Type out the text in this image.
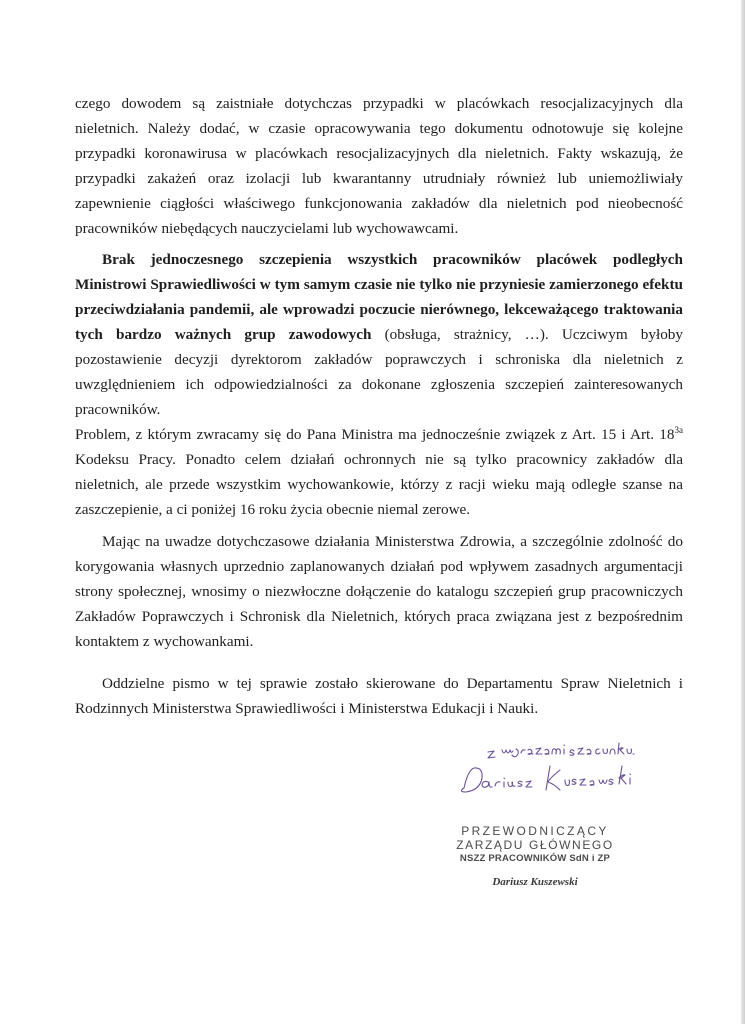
czego dowodem są zaistniałe dotychczas przypadki w placówkach resocjalizacyjnych dla nieletnich. Należy dodać, w czasie opracowywania tego dokumentu odnotowuje się kolejne przypadki koronawirusa w placówkach resocjalizacyjnych dla nieletnich. Fakty wskazują, że przypadki zakażeń oraz izolacji lub kwarantanny utrudniały również lub uniemożliwiały zapewnienie ciągłości właściwego funkcjonowania zakładów dla nieletnich pod nieobecność pracowników niebędących nauczycielami lub wychowawcami.

Brak jednoczesnego szczepienia wszystkich pracowników placówek podległych Ministrowi Sprawiedliwości w tym samym czasie nie tylko nie przyniesie zamierzonego efektu przeciwdziałania pandemii, ale wprowadzi poczucie nierównego, lekceważącego traktowania tych bardzo ważnych grup zawodowych (obsługa, strażnicy, …). Uczciwym byłoby pozostawienie decyzji dyrektorom zakładów poprawczych i schroniska dla nieletnich z uwzględnieniem ich odpowiedzialności za dokonane zgłoszenia szczepień zainteresowanych pracowników.

Problem, z którym zwracamy się do Pana Ministra ma jednocześnie związek z Art. 15 i Art. $18^{3a}$ Kodeksu Pracy. Ponadto celem działań ochronnych nie są tylko pracownicy zakładów dla nieletnich, ale przede wszystkim wychowankowie, którzy z racji wieku mają odległe szanse na zaszczepienie, a ci poniżej 16 roku życia obecnie niemal zerowe.

Mając na uwadze dotychczasowe działania Ministerstwa Zdrowia, a szczególnie zdolność do korygowania własnych uprzednio zaplanowanych działań pod wpływem zasadnych argumentacji strony społecznej, wnosimy o niezwłoczne dołączenie do katalogu szczepień grup pracowniczych Zakładów Poprawczych i Schronisk dla Nieletnich, których praca związana jest z bezpośrednim kontaktem z wychowankami.

Oddzielne pismo w tej sprawie zostało skierowane do Departamentu Spraw Nieletnich i Rodzinnych Ministerstwa Sprawiedliwości i Ministerstwa Edukacji i Nauki.

PRZEWODNICZĄCY
ZARZĄDU GŁÓWNEGO
NSZZ PRACOWNIKÓW SdN i ZP
Dariusz Kuszewski
